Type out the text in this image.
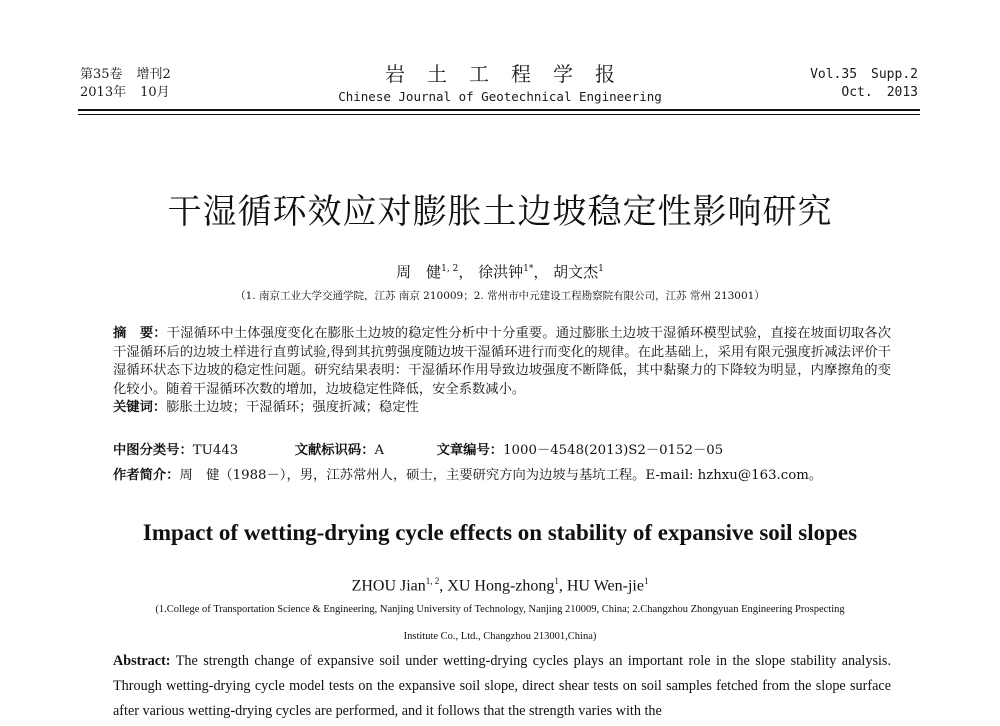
第35卷 增刊2
2013年 10月
岩土工程学报
Chinese Journal of Geotechnical Engineering
Vol.35 Supp.2
Oct. 2013
干湿循环效应对膨胀土边坡稳定性影响研究
周　健$^{1, 2}$， 徐洪钟$^{1*}$， 胡文杰$^1$
（1. 南京工业大学交通学院，江苏 南京 210009；2. 常州市中元建设工程勘察院有限公司，江苏 常州 213001）
摘　要：干湿循环中土体强度变化在膨胀土边坡的稳定性分析中十分重要。通过膨胀土边坡干湿循环模型试验，直接在坡面切取各次干湿循环后的边坡土样进行直剪试验,得到其抗剪强度随边坡干湿循环进行而变化的规律。在此基础上，采用有限元强度折减法评价干湿循环状态下边坡的稳定性问题。研究结果表明：干湿循环作用导致边坡强度不断降低，其中黏聚力的下降较为明显，内摩擦角的变化较小。随着干湿循环次数的增加，边坡稳定性降低，安全系数减小。
关键词：膨胀土边坡；干湿循环；强度折减；稳定性
中图分类号：TU443	文献标识码：A	文章编号：1000－4548(2013)S2－0152－05
作者简介：周　健（1988－），男，江苏常州人，硕士，主要研究方向为边坡与基坑工程。E-mail: hzhxu@163.com。
Impact of wetting-drying cycle effects on stability of expansive soil slopes
ZHOU Jian$^{1, 2}$, XU Hong-zhong$^1$, HU Wen-jie$^1$
(1.College of Transportation Science & Engineering, Nanjing University of Technology, Nanjing 210009, China; 2.Changzhou Zhongyuan Engineering Prospecting Institute Co., Ltd., Changzhou 213001,China)
Abstract: The strength change of expansive soil under wetting-drying cycles plays an important role in the slope stability analysis. Through wetting-drying cycle model tests on the expansive soil slope, direct shear tests on soil samples fetched from the slope surface after various wetting-drying cycles are performed, and it follows that the strength varies with the
